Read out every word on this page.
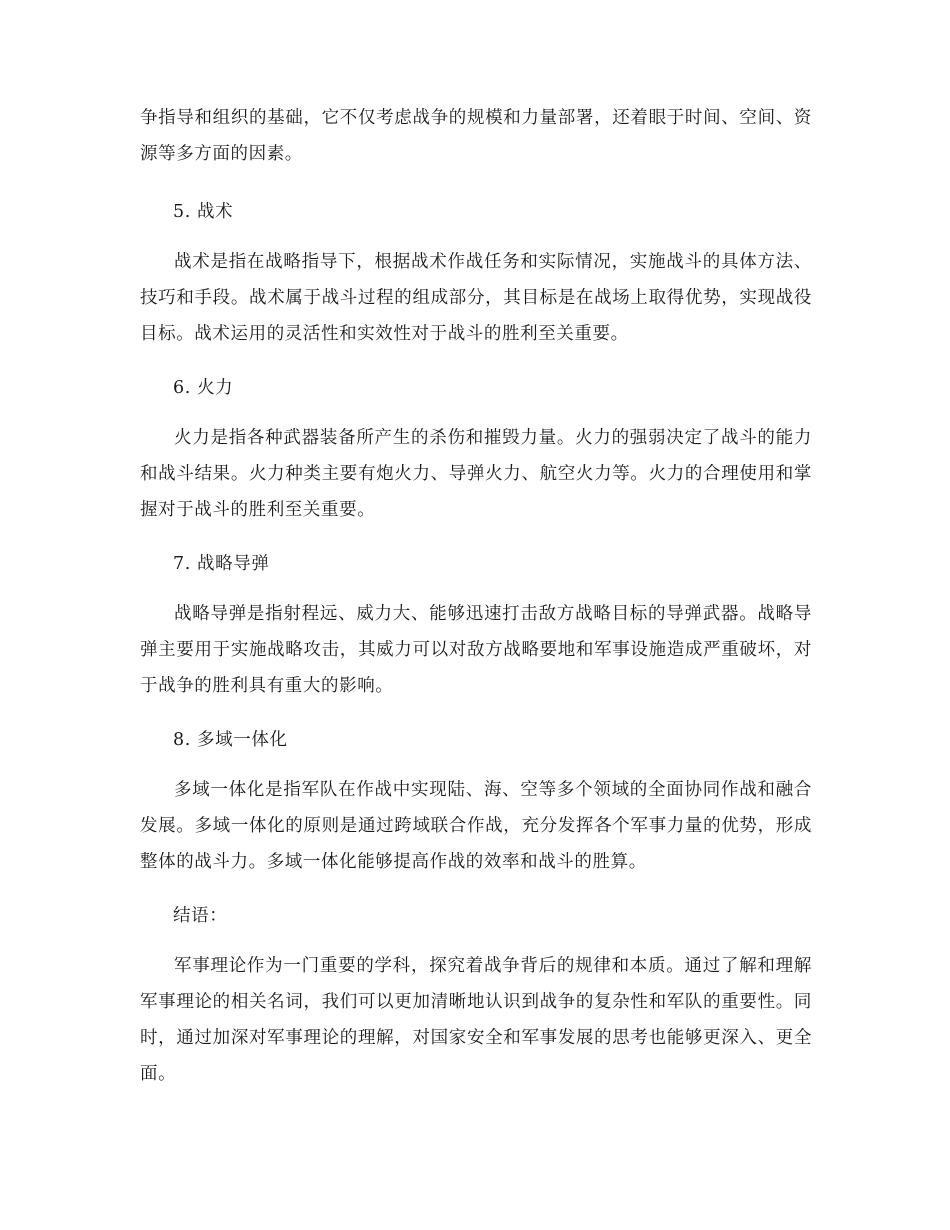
争指导和组织的基础，它不仅考虑战争的规模和力量部署，还着眼于时间、空间、资源等多方面的因素。

5. 战术

战术是指在战略指导下，根据战术作战任务和实际情况，实施战斗的具体方法、技巧和手段。战术属于战斗过程的组成部分，其目标是在战场上取得优势，实现战役目标。战术运用的灵活性和实效性对于战斗的胜利至关重要。

6. 火力

火力是指各种武器装备所产生的杀伤和摧毁力量。火力的强弱决定了战斗的能力和战斗结果。火力种类主要有炮火力、导弹火力、航空火力等。火力的合理使用和掌握对于战斗的胜利至关重要。

7. 战略导弹

战略导弹是指射程远、威力大、能够迅速打击敌方战略目标的导弹武器。战略导弹主要用于实施战略攻击，其威力可以对敌方战略要地和军事设施造成严重破坏，对于战争的胜利具有重大的影响。

8. 多域一体化

多域一体化是指军队在作战中实现陆、海、空等多个领域的全面协同作战和融合发展。多域一体化的原则是通过跨域联合作战，充分发挥各个军事力量的优势，形成整体的战斗力。多域一体化能够提高作战的效率和战斗的胜算。

结语：

军事理论作为一门重要的学科，探究着战争背后的规律和本质。通过了解和理解军事理论的相关名词，我们可以更加清晰地认识到战争的复杂性和军队的重要性。同时，通过加深对军事理论的理解，对国家安全和军事发展的思考也能够更深入、更全面。
